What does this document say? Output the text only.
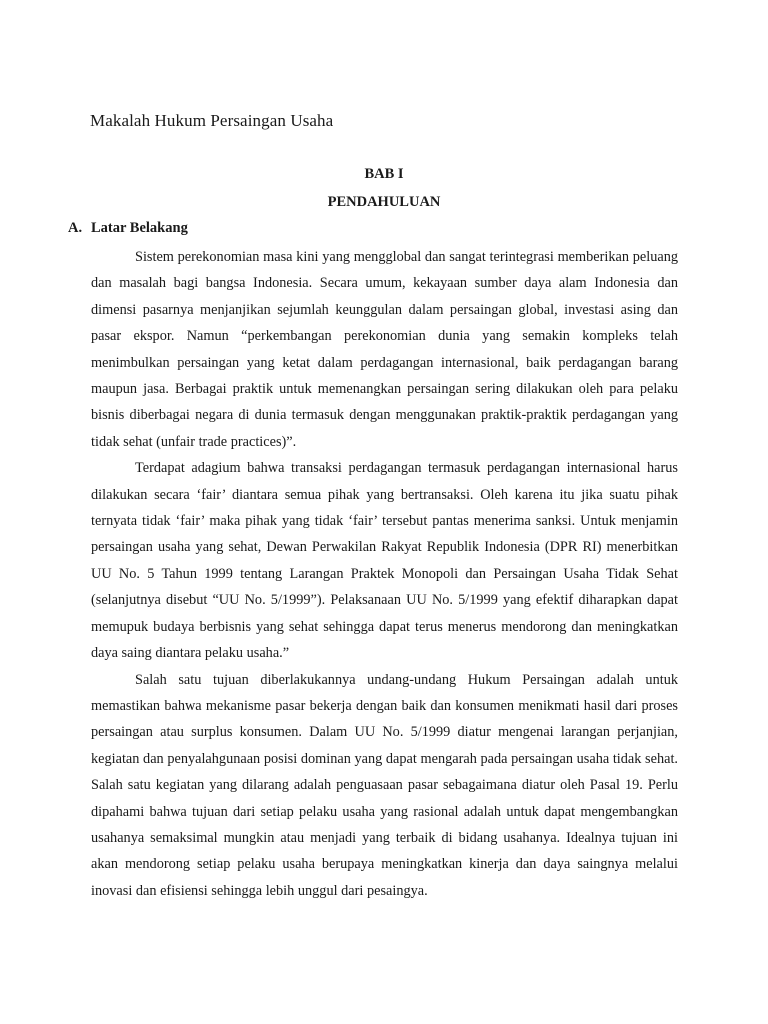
Makalah Hukum Persaingan Usaha
BAB I
PENDAHULUAN
A. Latar Belakang

Sistem perekonomian masa kini yang mengglobal dan sangat terintegrasi memberikan peluang dan masalah bagi bangsa Indonesia. Secara umum, kekayaan sumber daya alam Indonesia dan dimensi pasarnya menjanjikan sejumlah keunggulan dalam persaingan global, investasi asing dan pasar ekspor. Namun “perkembangan perekonomian dunia yang semakin kompleks telah menimbulkan persaingan yang ketat dalam perdagangan internasional, baik perdagangan barang maupun jasa. Berbagai praktik untuk memenangkan persaingan sering dilakukan oleh para pelaku bisnis diberbagai negara di dunia termasuk dengan menggunakan praktik-praktik perdagangan yang tidak sehat (unfair trade practices)”.

Terdapat adagium bahwa transaksi perdagangan termasuk perdagangan internasional harus dilakukan secara ‘fair’ diantara semua pihak yang bertransaksi. Oleh karena itu jika suatu pihak ternyata tidak ‘fair’ maka pihak yang tidak ‘fair’ tersebut pantas menerima sanksi. Untuk menjamin persaingan usaha yang sehat, Dewan Perwakilan Rakyat Republik Indonesia (DPR RI) menerbitkan UU No. 5 Tahun 1999 tentang Larangan Praktek Monopoli dan Persaingan Usaha Tidak Sehat (selanjutnya disebut “UU No. 5/1999”). Pelaksanaan UU No. 5/1999 yang efektif diharapkan dapat memupuk budaya berbisnis yang sehat sehingga dapat terus menerus mendorong dan meningkatkan daya saing diantara pelaku usaha.”

Salah satu tujuan diberlakukannya undang-undang Hukum Persaingan adalah untuk memastikan bahwa mekanisme pasar bekerja dengan baik dan konsumen menikmati hasil dari proses persaingan atau surplus konsumen. Dalam UU No. 5/1999 diatur mengenai larangan perjanjian, kegiatan dan penyalahgunaan posisi dominan yang dapat mengarah pada persaingan usaha tidak sehat. Salah satu kegiatan yang dilarang adalah penguasaan pasar sebagaimana diatur oleh Pasal 19. Perlu dipahami bahwa tujuan dari setiap pelaku usaha yang rasional adalah untuk dapat mengembangkan usahanya semaksimal mungkin atau menjadi yang terbaik di bidang usahanya. Idealnya tujuan ini akan mendorong setiap pelaku usaha berupaya meningkatkan kinerja dan daya saingnya melalui inovasi dan efisiensi sehingga lebih unggul dari pesaingya.
